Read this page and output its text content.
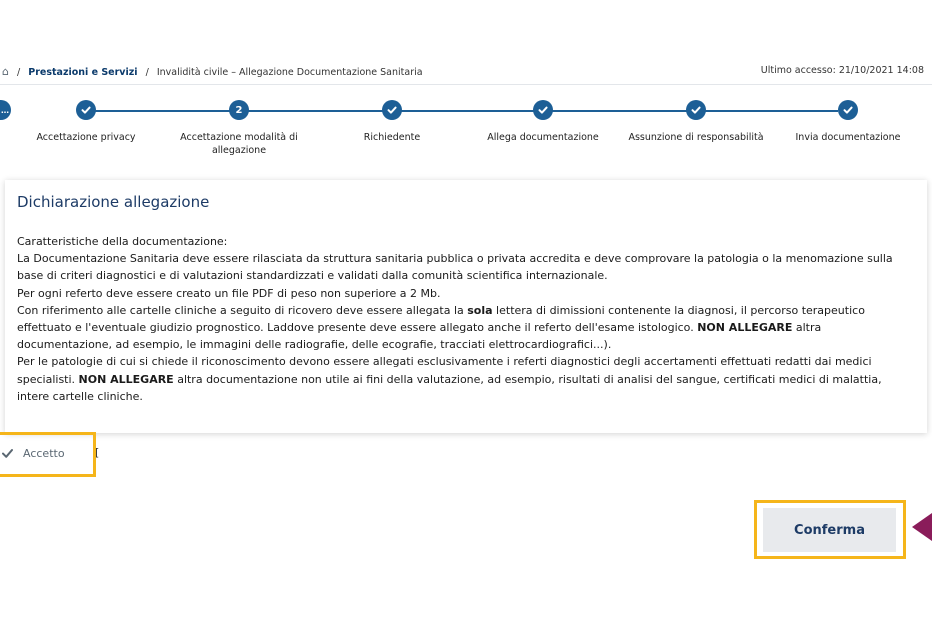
⌂ / Prestazioni e Servizi / Invalidità civile – Allegazione Documentazione Sanitaria	Ultimo accesso: 21/10/2021 14:08
…
Accettazione privacy
2
Accettazione modalità di allegazione
Richiedente	Allega documentazione	Assunzione di responsabilità	Invia documentazione
Dichiarazione allegazione
Caratteristiche della documentazione:
La Documentazione Sanitaria deve essere rilasciata da struttura sanitaria pubblica o privata accredita e deve comprovare la patologia o la menomazione sulla base di criteri diagnostici e di valutazioni standardizzati e validati dalla comunità scientifica internazionale.
Per ogni referto deve essere creato un file PDF di peso non superiore a 2 Mb.
Con riferimento alle cartelle cliniche a seguito di ricovero deve essere allegata la sola lettera di dimissioni contenente la diagnosi, il percorso terapeutico effettuato e l'eventuale giudizio prognostico. Laddove presente deve essere allegato anche il referto dell'esame istologico. NON ALLEGARE altra documentazione, ad esempio, le immagini delle radiografie, delle ecografie, tracciati elettrocardiografici...).
Per le patologie di cui si chiede il riconoscimento devono essere allegati esclusivamente i referti diagnostici degli accertamenti effettuati redatti dai medici specialisti. NON ALLEGARE altra documentazione non utile ai fini della valutazione, ad esempio, risultati di analisi del sangue, certificati medici di malattia, intere cartelle cliniche.
Accetto	[
Conferma
